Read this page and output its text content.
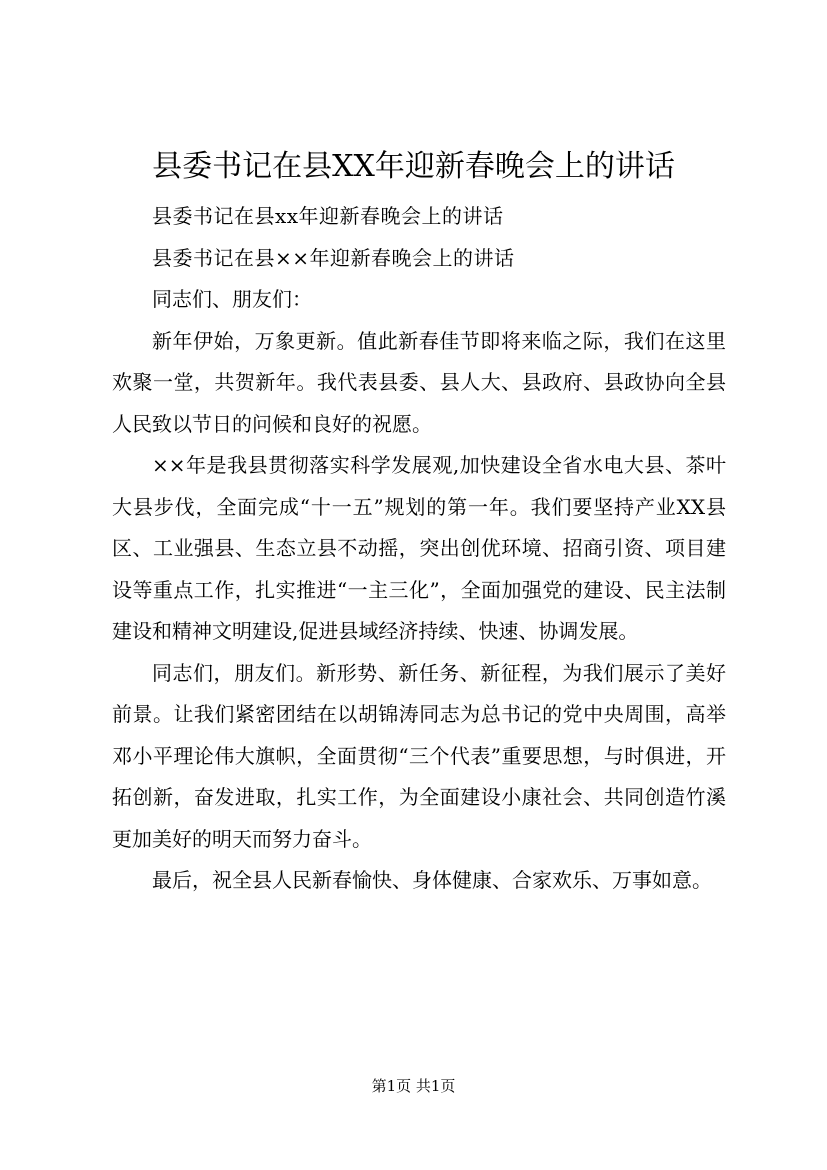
县委书记在县XX年迎新春晚会上的讲话

县委书记在县xx年迎新春晚会上的讲话

县委书记在县××年迎新春晚会上的讲话

同志们、朋友们：

新年伊始，万象更新。值此新春佳节即将来临之际，我们在这里欢聚一堂，共贺新年。我代表县委、县人大、县政府、县政协向全县人民致以节日的问候和良好的祝愿。

××年是我县贯彻落实科学发展观,加快建设全省水电大县、茶叶大县步伐，全面完成“十一五”规划的第一年。我们要坚持产业XX县区、工业强县、生态立县不动摇，突出创优环境、招商引资、项目建设等重点工作，扎实推进“一主三化”，全面加强党的建设、民主法制建设和精神文明建设,促进县域经济持续、快速、协调发展。

同志们，朋友们。新形势、新任务、新征程，为我们展示了美好前景。让我们紧密团结在以胡锦涛同志为总书记的党中央周围，高举邓小平理论伟大旗帜，全面贯彻“三个代表”重要思想，与时俱进，开拓创新，奋发进取，扎实工作，为全面建设小康社会、共同创造竹溪更加美好的明天而努力奋斗。

最后，祝全县人民新春愉快、身体健康、合家欢乐、万事如意。

第1页 共1页
